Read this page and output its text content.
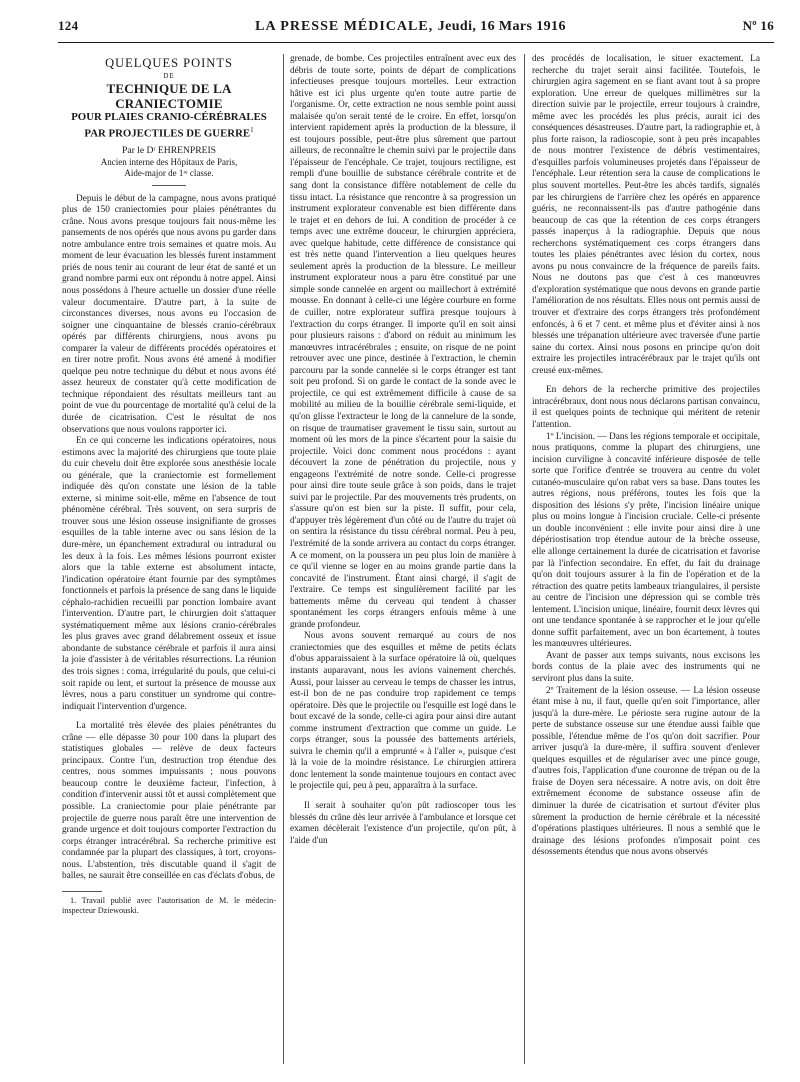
124	LA PRESSE MÉDICALE, Jeudi, 16 Mars 1916	Nº 16
QUELQUES POINTS
DE
TECHNIQUE DE LA CRANIECTOMIE
POUR PLAIES CRANIO-CÉRÉBRALES
PAR PROJECTILES DE GUERRE$^1$
Par le Dʳ EHRENPREIS
Ancien interne des Hôpitaux de Paris,
Aide-major de 1ʳᵉ classe.

Depuis le début de la campagne, nous avons pratiqué plus de 150 craniectomies pour plaies pénétrantes du crâne. Nous avons presque toujours fait nous-même les pansements de nos opérés que nous avons pu garder dans notre ambulance entre trois semaines et quatre mois. Au moment de leur évacuation les blessés furent instamment priés de nous tenir au courant de leur état de santé et un grand nombre parmi eux ont répondu à notre appel. Ainsi nous possédons à l'heure actuelle un dossier d'une réelle valeur documentaire. D'autre part, à la suite de circonstances diverses, nous avons eu l'occasion de soigner une cinquantaine de blessés cranio-cérébraux opérés par différents chirurgiens, nous avons pu comparer la valeur de différents procédés opératoires et en tirer notre profit. Nous avons été amené à modifier quelque peu notre technique du début et nous avons été assez heureux de constater qu'à cette modification de technique répondaient des résultats meilleurs tant au point de vue du pourcentage de mortalité qu'à celui de la durée de cicatrisation. C'est le résultat de nos observations que nous voulons rapporter ici.

En ce qui concerne les indications opératoires, nous estimons avec la majorité des chirurgiens que toute plaie du cuir chevelu doit être explorée sous anesthésie locale ou générale, que la craniectomie est formellement indiquée dès qu'on constate une lésion de la table externe, si minime soit-elle, même en l'absence de tout phénomène cérébral. Très souvent, on sera surpris de trouver sous une lésion osseuse insignifiante de grosses esquilles de la table interne avec ou sans lésion de la dure-mère, un épanchement extradural ou intradural ou les deux à la fois. Les mêmes lésions pourront exister alors que la table externe est absolument intacte, l'indication opératoire étant fournie par des symptômes fonctionnels et parfois la présence de sang dans le liquide céphalo-rachidien recueilli par ponction lombaire avant l'intervention. D'autre part, le chirurgien doit s'attaquer systématiquement même aux lésions cranio-cérébrales les plus graves avec grand délabrement osseux et issue abondante de substance cérébrale et parfois il aura ainsi la joie d'assister à de véritables résurrections. La réunion des trois signes : coma, irrégularité du pouls, que celui-ci soit rapide ou lent, et surtout la présence de mousse aux lèvres, nous a paru constituer un syndrome qui contre-indiquait l'intervention d'urgence.

La mortalité très élevée des plaies pénétrantes du crâne — elle dépasse 30 pour 100 dans la plupart des statistiques globales — relève de deux facteurs principaux. Contre l'un, destruction trop étendue des centres, nous sommes impuissants ; nous pouvons beaucoup contre le deuxième facteur, l'infection, à condition d'intervenir aussi tôt et aussi complètement que possible. La craniectomie pour plaie pénétrante par projectile de guerre nous paraît être une intervention de grande urgence et doit toujours comporter l'extraction du corps étranger intracérébral. Sa recherche primitive est condamnée par la plupart des classiques, à tort, croyons-nous. L'abstention, très discutable quand il s'agit de balles, ne saurait être conseillée en cas d'éclats d'obus, de

1. Travail publié avec l'autorisation de M. le médecin-inspecteur Dziewouski.

grenade, de bombe. Ces projectiles entraînent avec eux des débris de toute sorte, points de départ de complications infectieuses presque toujours mortelles. Leur extraction hâtive est ici plus urgente qu'en toute autre partie de l'organisme. Or, cette extraction ne nous semble point aussi malaisée qu'on serait tenté de le croire. En effet, lorsqu'on intervient rapidement après la production de la blessure, il est toujours possible, peut-être plus sûrement que partout ailleurs, de reconnaître le chemin suivi par le projectile dans l'épaisseur de l'encéphale. Ce trajet, toujours rectiligne, est rempli d'une bouillie de substance cérébrale contrite et de sang dont la consistance diffère notablement de celle du tissu intact. La résistance que rencontre à sa progression un instrument explorateur convenable est bien différente dans le trajet et en dehors de lui. A condition de procéder à ce temps avec une extrême douceur, le chirurgien appréciera, avec quelque habitude, cette différence de consistance qui est très nette quand l'intervention a lieu quelques heures seulement après la production de la blessure. Le meilleur instrument explorateur nous a paru être constitué par une simple sonde cannelée en argent ou maillechort à extrémité mousse. En donnant à celle-ci une légère courbure en forme de cuiller, notre explorateur suffira presque toujours à l'extraction du corps étranger. Il importe qu'il en soit ainsi pour plusieurs raisons : d'abord on réduit au minimum les manœuvres intracérébrales ; ensuite, on risque de ne point retrouver avec une pince, destinée à l'extraction, le chemin parcouru par la sonde cannelée si le corps étranger est tant soit peu profond. Si on garde le contact de la sonde avec le projectile, ce qui est extrêmement difficile à cause de sa mobilité au milieu de la bouillie cérébrale semi-liquide, et qu'on glisse l'extracteur le long de la cannelure de la sonde, on risque de traumatiser gravement le tissu sain, surtout au moment où les mors de la pince s'écartent pour la saisie du projectile. Voici donc comment nous procédons : ayant découvert la zone de pénétration du projectile, nous y engageons l'extrémité de notre sonde. Celle-ci progresse pour ainsi dire toute seule grâce à son poids, dans le trajet suivi par le projectile. Par des mouvements très prudents, on s'assure qu'on est bien sur la piste. Il suffit, pour cela, d'appuyer très légèrement d'un côté ou de l'autre du trajet où on sentira la résistance du tissu cérébral normal. Peu à peu, l'extrémité de la sonde arrivera au contact du corps étranger. A ce moment, on la poussera un peu plus loin de manière à ce qu'il vienne se loger en au moins grande partie dans la concavité de l'instrument. Étant ainsi chargé, il s'agit de l'extraire. Ce temps est singulièrement facilité par les battements même du cerveau qui tendent à chasser spontanément les corps étrangers enfouis même à une grande profondeur.

Nous avons souvent remarqué au cours de nos craniectomies que des esquilles et même de petits éclats d'obus apparaissaient à la surface opératoire là où, quelques instants auparavant, nous les avions vainement cherchés. Aussi, pour laisser au cerveau le temps de chasser les intrus, est-il bon de ne pas conduire trop rapidement ce temps opératoire. Dès que le projectile ou l'esquille est logé dans le bout excavé de la sonde, celle-ci agira pour ainsi dire autant comme instrument d'extraction que comme un guide. Le corps étranger, sous la poussée des battements artériels, suivra le chemin qu'il a emprunté « à l'aller », puisque c'est là la voie de la moindre résistance. Le chirurgien attirera donc lentement la sonde maintenue toujours en contact avec le projectile qui, peu à peu, apparaîtra à la surface.

Il serait à souhaiter qu'on pût radioscoper tous les blessés du crâne dès leur arrivée à l'ambulance et lorsque cet examen décèlerait l'existence d'un projectile, qu'on pût, à l'aide d'un

des procédés de localisation, le situer exactement. La recherche du trajet serait ainsi facilitée. Toutefois, le chirurgien agira sagement en se fiant avant tout à sa propre exploration. Une erreur de quelques millimètres sur la direction suivie par le projectile, erreur toujours à craindre, même avec les procédés les plus précis, aurait ici des conséquences désastreuses. D'autre part, la radiographie et, à plus forte raison, la radioscopie, sont à peu près incapables de nous montrer l'existence de débris vestimentaires, d'esquilles parfois volumineuses projetés dans l'épaisseur de l'encéphale. Leur rétention sera la cause de complications le plus souvent mortelles. Peut-être les abcès tardifs, signalés par les chirurgiens de l'arrière chez les opérés en apparence guéris, ne reconnaissent-ils pas d'autre pathogénie dans beaucoup de cas que la rétention de ces corps étrangers passés inaperçus à la radiographie. Depuis que nous recherchons systématiquement ces corps étrangers dans toutes les plaies pénétrantes avec lésion du cortex, nous avons pu nous convaincre de la fréquence de pareils faits. Nous ne doutons pas que c'est à ces manœuvres d'exploration systématique que nous devons en grande partie l'amélioration de nos résultats. Elles nous ont permis aussi de trouver et d'extraire des corps étrangers très profondément enfoncés, à 6 et 7 cent. et même plus et d'éviter ainsi à nos blessés une trépanation ultérieure avec traversée d'une partie saine du cortex. Ainsi nous posons en principe qu'on doit extraire les projectiles intracérébraux par le trajet qu'ils ont creusé eux-mêmes.

En dehors de la recherche primitive des projectiles intracérébraux, dont nous nous déclarons partisan convaincu, il est quelques points de technique qui méritent de retenir l'attention.

1º L'incision. — Dans les régions temporale et occipitale, nous pratiquons, comme la plupart des chirurgiens, une incision curviligne à concavité inférieure disposée de telle sorte que l'orifice d'entrée se trouvera au centre du volet cutanéo-musculaire qu'on rabat vers sa base. Dans toutes les autres régions, nous préférons, toutes les fois que la disposition des lésions s'y prête, l'incision linéaire unique plus ou moins longue à l'incision cruciale. Celle-ci présente un double inconvénient : elle invite pour ainsi dire à une dépériostisation trop étendue autour de la brèche osseuse, elle allonge certainement la durée de cicatrisation et favorise par là l'infection secondaire. En effet, du fait du drainage qu'on doit toujours assurer à la fin de l'opération et de la rétraction des quatre petits lambeaux triangulaires, il persiste au centre de l'incision une dépression qui se comble très lentement. L'incision unique, linéaire, fournit deux lèvres qui ont une tendance spontanée à se rapprocher et le jour qu'elle donne suffit parfaitement, avec un bon écartement, à toutes les manœuvres ultérieures.

Avant de passer aux temps suivants, nous excisons les bords contus de la plaie avec des instruments qui ne serviront plus dans la suite.

2º Traitement de la lésion osseuse. — La lésion osseuse étant mise à nu, il faut, quelle qu'en soit l'importance, aller jusqu'à la dure-mère. Le périoste sera rugine autour de la perte de substance osseuse sur une étendue aussi faible que possible, l'étendue même de l'os qu'on doit sacrifier. Pour arriver jusqu'à la dure-mère, il suffira souvent d'enlever quelques esquilles et de régulariser avec une pince gouge, d'autres fois, l'application d'une couronne de trépan ou de la fraise de Doyen sera nécessaire. A notre avis, on doit être extrêmement économe de substance osseuse afin de diminuer la durée de cicatrisation et surtout d'éviter plus sûrement la production de hernie cérébrale et la nécessité d'opérations plastiques ultérieures. Il nous a semblé que le drainage des lésions profondes n'imposait point ces désossements étendus que nous avons observés
